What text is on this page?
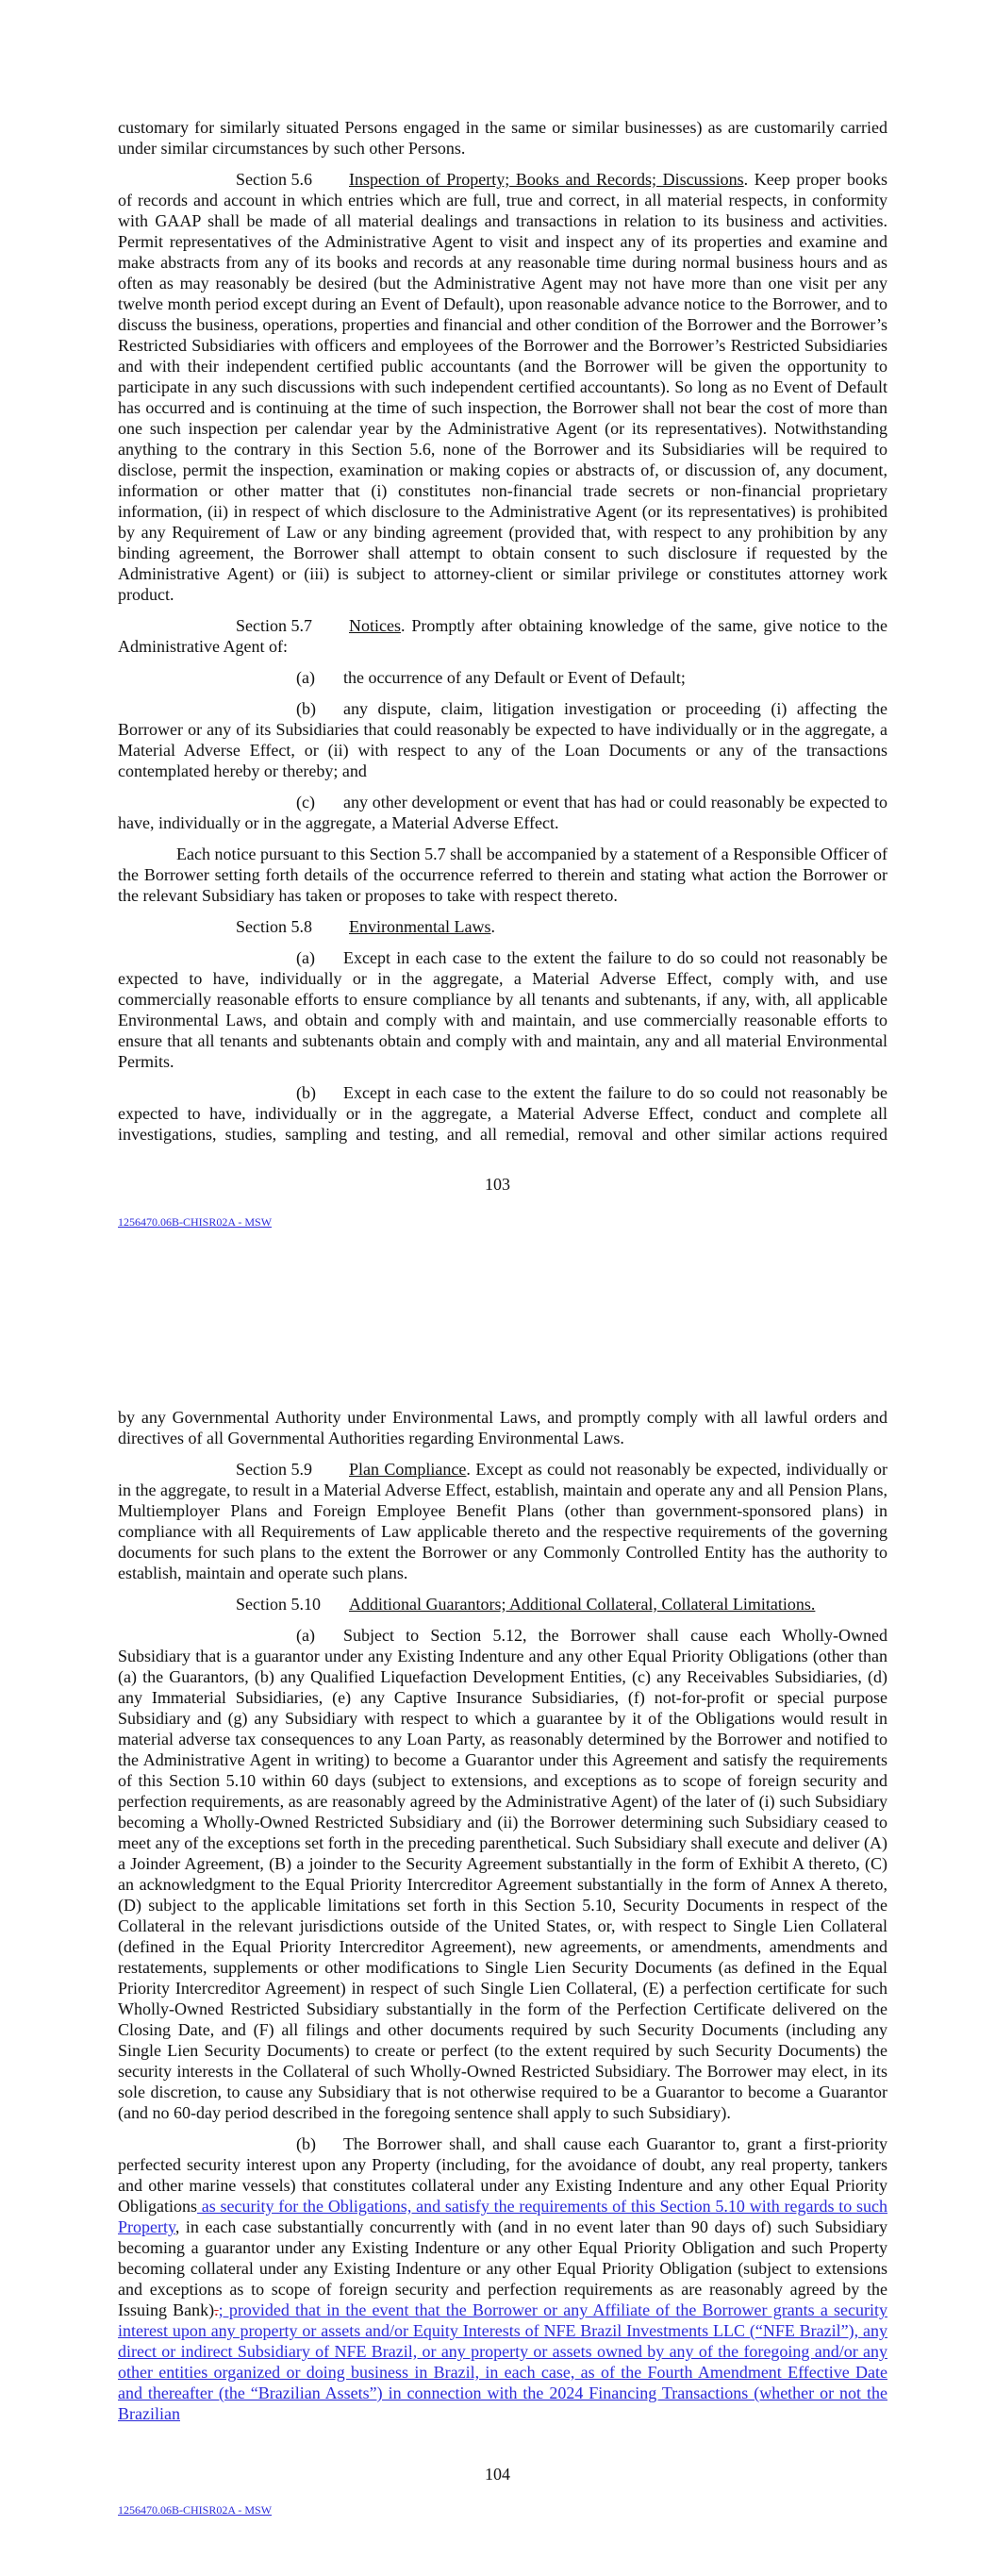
customary for similarly situated Persons engaged in the same or similar businesses) as are customarily carried under similar circumstances by such other Persons.

Section 5.6 Inspection of Property; Books and Records; Discussions. Keep proper books of records and account in which entries which are full, true and correct, in all material respects, in conformity with GAAP shall be made of all material dealings and transactions in relation to its business and activities. Permit representatives of the Administrative Agent to visit and inspect any of its properties and examine and make abstracts from any of its books and records at any reasonable time during normal business hours and as often as may reasonably be desired (but the Administrative Agent may not have more than one visit per any twelve month period except during an Event of Default), upon reasonable advance notice to the Borrower, and to discuss the business, operations, properties and financial and other condition of the Borrower and the Borrower’s Restricted Subsidiaries with officers and employees of the Borrower and the Borrower’s Restricted Subsidiaries and with their independent certified public accountants (and the Borrower will be given the opportunity to participate in any such discussions with such independent certified accountants). So long as no Event of Default has occurred and is continuing at the time of such inspection, the Borrower shall not bear the cost of more than one such inspection per calendar year by the Administrative Agent (or its representatives). Notwithstanding anything to the contrary in this Section 5.6, none of the Borrower and its Subsidiaries will be required to disclose, permit the inspection, examination or making copies or abstracts of, or discussion of, any document, information or other matter that (i) constitutes non-financial trade secrets or non-financial proprietary information, (ii) in respect of which disclosure to the Administrative Agent (or its representatives) is prohibited by any Requirement of Law or any binding agreement (provided that, with respect to any prohibition by any binding agreement, the Borrower shall attempt to obtain consent to such disclosure if requested by the Administrative Agent) or (iii) is subject to attorney-client or similar privilege or constitutes attorney work product.

Section 5.7 Notices. Promptly after obtaining knowledge of the same, give notice to the Administrative Agent of:

(a) the occurrence of any Default or Event of Default;

(b) any dispute, claim, litigation investigation or proceeding (i) affecting the Borrower or any of its Subsidiaries that could reasonably be expected to have individually or in the aggregate, a Material Adverse Effect, or (ii) with respect to any of the Loan Documents or any of the transactions contemplated hereby or thereby; and

(c) any other development or event that has had or could reasonably be expected to have, individually or in the aggregate, a Material Adverse Effect.

Each notice pursuant to this Section 5.7 shall be accompanied by a statement of a Responsible Officer of the Borrower setting forth details of the occurrence referred to therein and stating what action the Borrower or the relevant Subsidiary has taken or proposes to take with respect thereto.

Section 5.8 Environmental Laws.

(a) Except in each case to the extent the failure to do so could not reasonably be expected to have, individually or in the aggregate, a Material Adverse Effect, comply with, and use commercially reasonable efforts to ensure compliance by all tenants and subtenants, if any, with, all applicable Environmental Laws, and obtain and comply with and maintain, and use commercially reasonable efforts to ensure that all tenants and subtenants obtain and comply with and maintain, any and all material Environmental Permits.

(b) Except in each case to the extent the failure to do so could not reasonably be expected to have, individually or in the aggregate, a Material Adverse Effect, conduct and complete all investigations, studies, sampling and testing, and all remedial, removal and other similar actions required

103
1256470.06B-CHISR02A - MSW

by any Governmental Authority under Environmental Laws, and promptly comply with all lawful orders and directives of all Governmental Authorities regarding Environmental Laws.

Section 5.9 Plan Compliance. Except as could not reasonably be expected, individually or in the aggregate, to result in a Material Adverse Effect, establish, maintain and operate any and all Pension Plans, Multiemployer Plans and Foreign Employee Benefit Plans (other than government-sponsored plans) in compliance with all Requirements of Law applicable thereto and the respective requirements of the governing documents for such plans to the extent the Borrower or any Commonly Controlled Entity has the authority to establish, maintain and operate such plans.

Section 5.10 Additional Guarantors; Additional Collateral, Collateral Limitations.

(a) Subject to Section 5.12, the Borrower shall cause each Wholly-Owned Subsidiary that is a guarantor under any Existing Indenture and any other Equal Priority Obligations (other than (a) the Guarantors, (b) any Qualified Liquefaction Development Entities, (c) any Receivables Subsidiaries, (d) any Immaterial Subsidiaries, (e) any Captive Insurance Subsidiaries, (f) not-for-profit or special purpose Subsidiary and (g) any Subsidiary with respect to which a guarantee by it of the Obligations would result in material adverse tax consequences to any Loan Party, as reasonably determined by the Borrower and notified to the Administrative Agent in writing) to become a Guarantor under this Agreement and satisfy the requirements of this Section 5.10 within 60 days (subject to extensions, and exceptions as to scope of foreign security and perfection requirements, as are reasonably agreed by the Administrative Agent) of the later of (i) such Subsidiary becoming a Wholly-Owned Restricted Subsidiary and (ii) the Borrower determining such Subsidiary ceased to meet any of the exceptions set forth in the preceding parenthetical. Such Subsidiary shall execute and deliver (A) a Joinder Agreement, (B) a joinder to the Security Agreement substantially in the form of Exhibit A thereto, (C) an acknowledgment to the Equal Priority Intercreditor Agreement substantially in the form of Annex A thereto, (D) subject to the applicable limitations set forth in this Section 5.10, Security Documents in respect of the Collateral in the relevant jurisdictions outside of the United States, or, with respect to Single Lien Collateral (defined in the Equal Priority Intercreditor Agreement), new agreements, or amendments, amendments and restatements, supplements or other modifications to Single Lien Security Documents (as defined in the Equal Priority Intercreditor Agreement) in respect of such Single Lien Collateral, (E) a perfection certificate for such Wholly-Owned Restricted Subsidiary substantially in the form of the Perfection Certificate delivered on the Closing Date, and (F) all filings and other documents required by such Security Documents (including any Single Lien Security Documents) to create or perfect (to the extent required by such Security Documents) the security interests in the Collateral of such Wholly-Owned Restricted Subsidiary. The Borrower may elect, in its sole discretion, to cause any Subsidiary that is not otherwise required to be a Guarantor to become a Guarantor (and no 60-day period described in the foregoing sentence shall apply to such Subsidiary).

(b) The Borrower shall, and shall cause each Guarantor to, grant a first-priority perfected security interest upon any Property (including, for the avoidance of doubt, any real property, tankers and other marine vessels) that constitutes collateral under any Existing Indenture and any other Equal Priority Obligations as security for the Obligations, and satisfy the requirements of this Section 5.10 with regards to such Property, in each case substantially concurrently with (and in no event later than 90 days of) such Subsidiary becoming a guarantor under any Existing Indenture or any other Equal Priority Obligation and such Property becoming collateral under any Existing Indenture or any other Equal Priority Obligation (subject to extensions and exceptions as to scope of foreign security and perfection requirements as are reasonably agreed by the Issuing Bank).; provided that in the event that the Borrower or any Affiliate of the Borrower grants a security interest upon any property or assets and/or Equity Interests of NFE Brazil Investments LLC (“NFE Brazil”), any direct or indirect Subsidiary of NFE Brazil, or any property or assets owned by any of the foregoing and/or any other entities organized or doing business in Brazil, in each case, as of the Fourth Amendment Effective Date and thereafter (the “Brazilian Assets”) in connection with the 2024 Financing Transactions (whether or not the Brazilian

104
1256470.06B-CHISR02A - MSW
